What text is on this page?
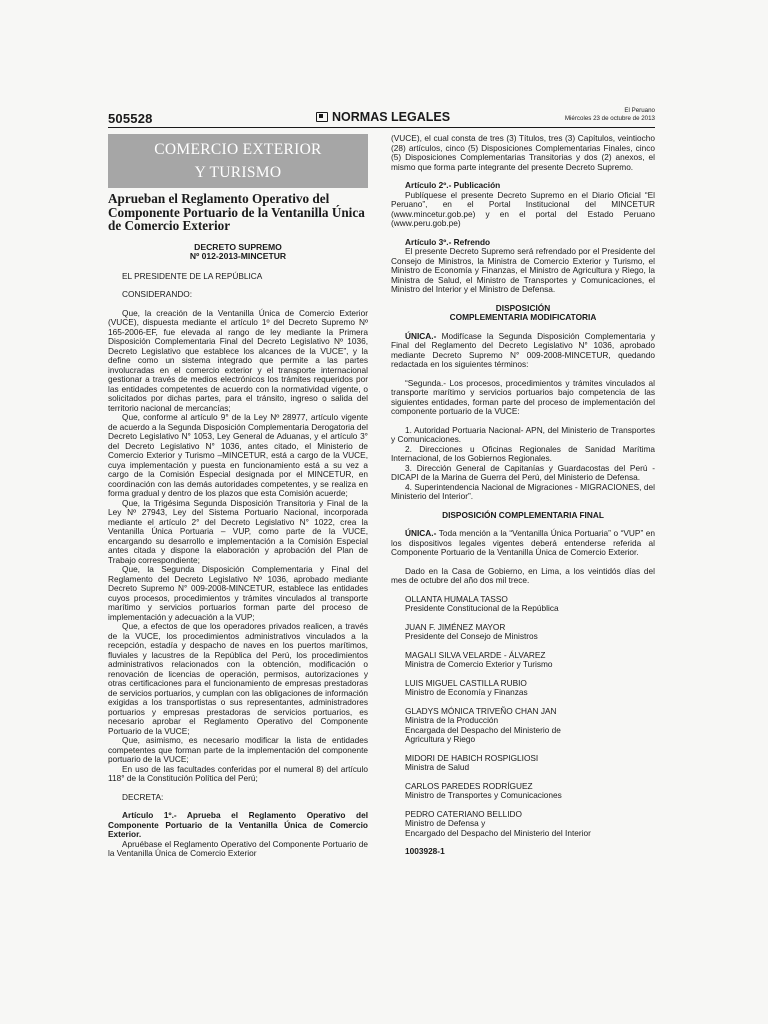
505528	NORMAS LEGALES	El Peruano
Miércoles 23 de octubre de 2013
COMERCIO EXTERIOR
Y TURISMO
Aprueban el Reglamento Operativo del Componente Portuario de la Ventanilla Única de Comercio Exterior
DECRETO SUPREMO
Nº 012-2013-MINCETUR

EL PRESIDENTE DE LA REPÚBLICA

CONSIDERANDO:

Que, la creación de la Ventanilla Única de Comercio Exterior (VUCE), dispuesta mediante el artículo 1º del Decreto Supremo Nº 165-2006-EF, fue elevada al rango de ley mediante la Primera Disposición Complementaria Final del Decreto Legislativo Nº 1036, Decreto Legislativo que establece los alcances de la VUCE”, y la define como un sistema integrado que permite a las partes involucradas en el comercio exterior y el transporte internacional gestionar a través de medios electrónicos los trámites requeridos por las entidades competentes de acuerdo con la normatividad vigente, o solicitados por dichas partes, para el tránsito, ingreso o salida del territorio nacional de mercancías;

Que, conforme al artículo 9° de la Ley Nº 28977, artículo vigente de acuerdo a la Segunda Disposición Complementaria Derogatoria del Decreto Legislativo N° 1053, Ley General de Aduanas, y el artículo 3° del Decreto Legislativo N° 1036, antes citado, el Ministerio de Comercio Exterior y Turismo –MINCETUR, está a cargo de la VUCE, cuya implementación y puesta en funcionamiento está a su vez a cargo de la Comisión Especial designada por el MINCETUR, en coordinación con las demás autoridades competentes, y se realiza en forma gradual y dentro de los plazos que esta Comisión acuerde;

Que, la Trigésima Segunda Disposición Transitoria y Final de la Ley Nº 27943, Ley del Sistema Portuario Nacional, incorporada mediante el artículo 2° del Decreto Legislativo N° 1022, crea la Ventanilla Única Portuaria – VUP, como parte de la VUCE, encargando su desarrollo e implementación a la Comisión Especial antes citada y dispone la elaboración y aprobación del Plan de Trabajo correspondiente;

Que, la Segunda Disposición Complementaria y Final del Reglamento del Decreto Legislativo Nº 1036, aprobado mediante Decreto Supremo N° 009-2008-MINCETUR, establece las entidades cuyos procesos, procedimientos y trámites vinculados al transporte marítimo y servicios portuarios forman parte del proceso de implementación y adecuación a la VUP;

Que, a efectos de que los operadores privados realicen, a través de la VUCE, los procedimientos administrativos vinculados a la recepción, estadía y despacho de naves en los puertos marítimos, fluviales y lacustres de la República del Perú, los procedimientos administrativos relacionados con la obtención, modificación o renovación de licencias de operación, permisos, autorizaciones y otras certificaciones para el funcionamiento de empresas prestadoras de servicios portuarios, y cumplan con las obligaciones de información exigidas a los transportistas o sus representantes, administradores portuarios y empresas prestadoras de servicios portuarios, es necesario aprobar el Reglamento Operativo del Componente Portuario de la VUCE;

Que, asimismo, es necesario modificar la lista de entidades competentes que forman parte de la implementación del componente portuario de la VUCE;

En uso de las facultades conferidas por el numeral 8) del artículo 118° de la Constitución Política del Perú;

DECRETA:

Artículo 1º.- Aprueba el Reglamento Operativo del Componente Portuario de la Ventanilla Única de Comercio Exterior.

Apruébase el Reglamento Operativo del Componente Portuario de la Ventanilla Única de Comercio Exterior

(VUCE), el cual consta de tres (3) Títulos, tres (3) Capítulos, veintiocho (28) artículos, cinco (5) Disposiciones Complementarias Finales, cinco (5) Disposiciones Complementarias Transitorias y dos (2) anexos, el mismo que forma parte integrante del presente Decreto Supremo.

Artículo 2º.- Publicación

Publíquese el presente Decreto Supremo en el Diario Oficial “El Peruano”, en el Portal Institucional del MINCETUR (www.mincetur.gob.pe) y en el portal del Estado Peruano (www.peru.gob.pe)

Artículo 3º.- Refrendo

El presente Decreto Supremo será refrendado por el Presidente del Consejo de Ministros, la Ministra de Comercio Exterior y Turismo, el Ministro de Economía y Finanzas, el Ministro de Agricultura y Riego, la Ministra de Salud, el Ministro de Transportes y Comunicaciones, el Ministro del Interior y el Ministro de Defensa.

DISPOSICIÓN

COMPLEMENTARIA MODIFICATORIA

ÚNICA.- Modifícase la Segunda Disposición Complementaria y Final del Reglamento del Decreto Legislativo N° 1036, aprobado mediante Decreto Supremo N° 009-2008-MINCETUR, quedando redactada en los siguientes términos:

“Segunda.- Los procesos, procedimientos y trámites vinculados al transporte marítimo y servicios portuarios bajo competencia de las siguientes entidades, forman parte del proceso de implementación del componente portuario de la VUCE:

1. Autoridad Portuaria Nacional- APN, del Ministerio de Transportes y Comunicaciones.

2. Direcciones u Oficinas Regionales de Sanidad Marítima Internacional, de los Gobiernos Regionales.

3. Dirección General de Capitanías y Guardacostas del Perú - DICAPI de la Marina de Guerra del Perú, del Ministerio de Defensa.

4. Superintendencia Nacional de Migraciones - MIGRACIONES, del Ministerio del Interior”.

DISPOSICIÓN COMPLEMENTARIA FINAL

ÚNICA.- Toda mención a la “Ventanilla Única Portuaria” o “VUP” en los dispositivos legales vigentes deberá entenderse referida al Componente Portuario de la Ventanilla Única de Comercio Exterior.

Dado en la Casa de Gobierno, en Lima, a los veintidós días del mes de octubre del año dos mil trece.

OLLANTA HUMALA TASSO

Presidente Constitucional de la República

JUAN F. JIMÉNEZ MAYOR

Presidente del Consejo de Ministros

MAGALI SILVA VELARDE - ÁLVAREZ

Ministra de Comercio Exterior y Turismo

LUIS MIGUEL CASTILLA RUBIO

Ministro de Economía y Finanzas

GLADYS MÓNICA TRIVEÑO CHAN JAN

Ministra de la Producción

Encargada del Despacho del Ministerio de

Agricultura y Riego

MIDORI DE HABICH ROSPIGLIOSI

Ministra de Salud

CARLOS PAREDES RODRÍGUEZ

Ministro de Transportes y Comunicaciones

PEDRO CATERIANO BELLIDO

Ministro de Defensa y

Encargado del Despacho del Ministerio del Interior

1003928-1
